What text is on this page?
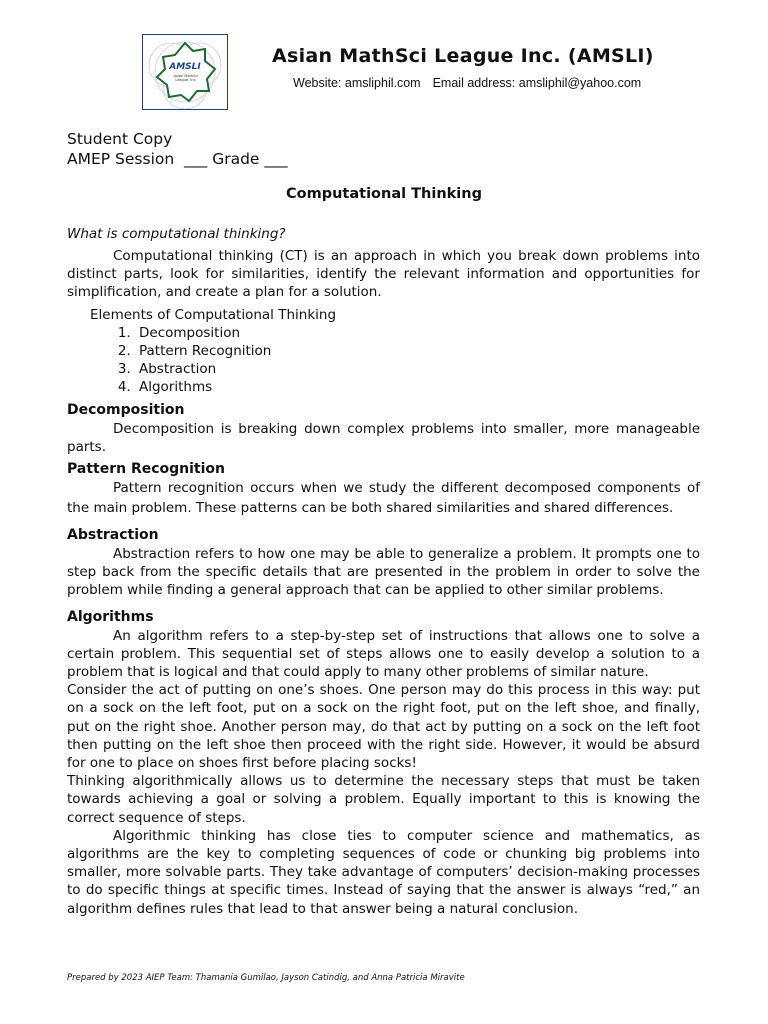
AMSLI
Asian MathSci League, Inc.
Asian MathSci League Inc. (AMSLI)
Website: amsliphil.com Email address: amsliphil@yahoo.com
Student Copy
AMEP Session  ___ Grade ___
Computational Thinking
What is computational thinking?

Computational thinking (CT) is an approach in which you break down problems into distinct parts, look for similarities, identify the relevant information and opportunities for simplification, and create a plan for a solution.

Elements of Computational Thinking
1. Decomposition
2. Pattern Recognition
3. Abstraction
4. Algorithms
Decomposition

Decomposition is breaking down complex problems into smaller, more manageable parts.

Pattern Recognition

Pattern recognition occurs when we study the different decomposed components of the main problem. These patterns can be both shared similarities and shared differences.

Abstraction

Abstraction refers to how one may be able to generalize a problem. It prompts one to step back from the specific details that are presented in the problem in order to solve the problem while finding a general approach that can be applied to other similar problems.

Algorithms

An algorithm refers to a step-by-step set of instructions that allows one to solve a certain problem. This sequential set of steps allows one to easily develop a solution to a problem that is logical and that could apply to many other problems of similar nature.

Consider the act of putting on one’s shoes. One person may do this process in this way: put on a sock on the left foot, put on a sock on the right foot, put on the left shoe, and finally, put on the right shoe. Another person may, do that act by putting on a sock on the left foot then putting on the left shoe then proceed with the right side. However, it would be absurd for one to place on shoes first before placing socks!

Thinking algorithmically allows us to determine the necessary steps that must be taken towards achieving a goal or solving a problem. Equally important to this is knowing the correct sequence of steps.

Algorithmic thinking has close ties to computer science and mathematics, as algorithms are the key to completing sequences of code or chunking big problems into smaller, more solvable parts. They take advantage of computers’ decision-making processes to do specific things at specific times. Instead of saying that the answer is always “red,” an algorithm defines rules that lead to that answer being a natural conclusion.

Prepared by 2023 AIEP Team: Thamania Gumilao, Jayson Catindig, and Anna Patricia Miravite
